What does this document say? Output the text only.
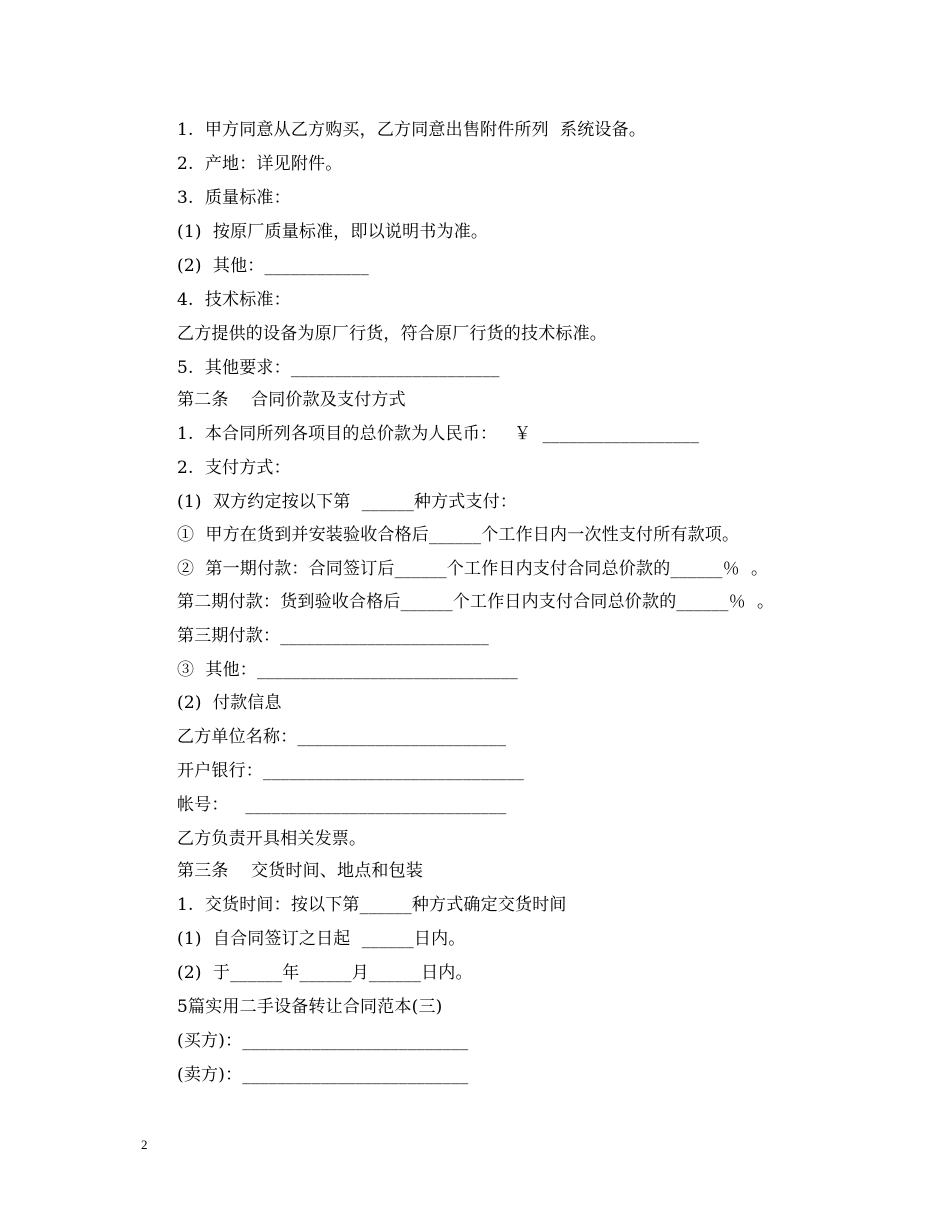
1.  甲方同意从乙方购买，乙方同意出售附件所列  系统设备。
2.  产地：详见附件。
3.  质量标准：
(1)  按原厂质量标准，即以说明书为准。
(2)  其他：____________
4.  技术标准：
乙方提供的设备为原厂行货，符合原厂行货的技术标准。
5.  其他要求：________________________
第二条    合同价款及支付方式
1.  本合同所列各项目的总价款为人民币：   ￥  __________________
2.  支付方式：
(1)  双方约定按以下第  ______种方式支付：
①  甲方在货到并安装验收合格后______个工作日内一次性支付所有款项。
②  第一期付款：合同签订后______个工作日内支付合同总价款的______％  。
第二期付款：货到验收合格后______个工作日内支付合同总价款的______％  。
第三期付款：________________________
③  其他：______________________________
(2)  付款信息
乙方单位名称：________________________
开户银行：______________________________
帐号：   ______________________________
乙方负责开具相关发票。
第三条    交货时间、地点和包装
1.  交货时间：按以下第______种方式确定交货时间
(1)  自合同签订之日起  ______日内。
(2)  于______年______月______日内。
5篇实用二手设备转让合同范本(三)
(买方)：__________________________
(卖方)：__________________________
2
